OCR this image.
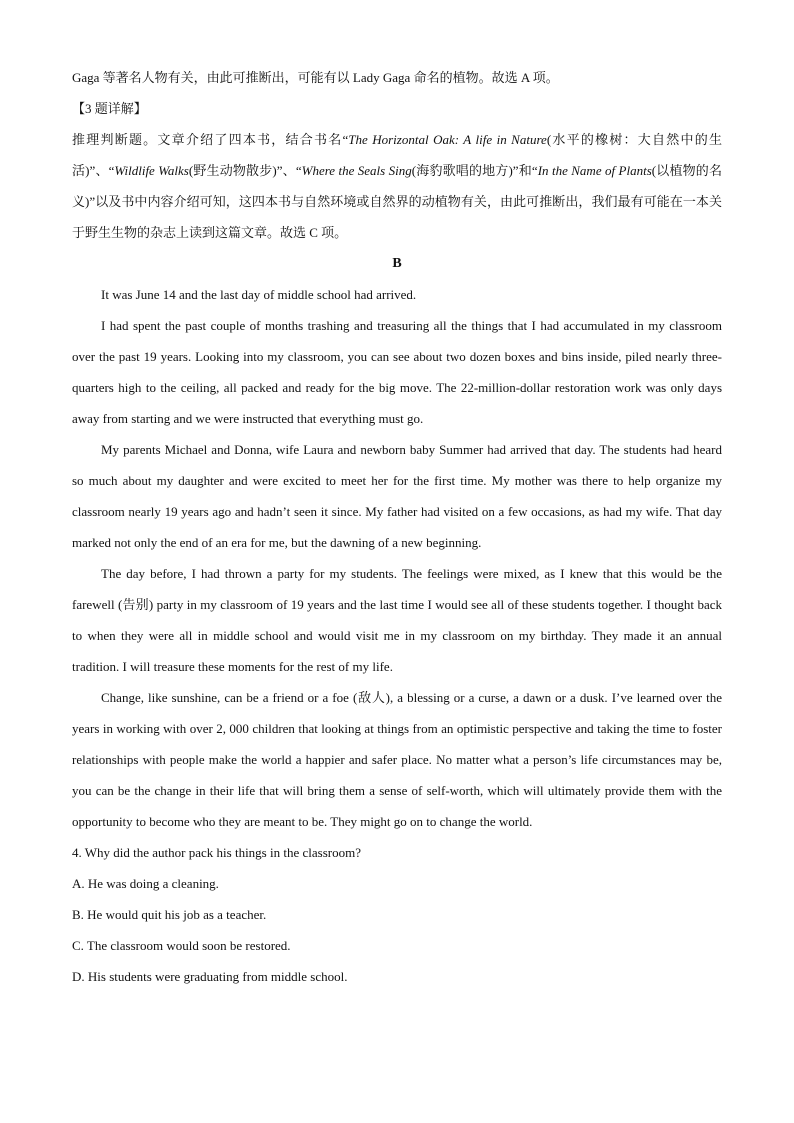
Gaga 等著名人物有关，由此可推断出，可能有以 Lady Gaga 命名的植物。故选 A 项。

【3 题详解】

推理判断题。文章介绍了四本书，结合书名“The Horizontal Oak: A life in Nature(水平的橡树：大自然中的生活)”、“Wildlife Walks(野生动物散步)”、“Where the Seals Sing(海豹歌唱的地方)”和“In the Name of Plants(以植物的名义)”以及书中内容介绍可知，这四本书与自然环境或自然界的动植物有关，由此可推断出，我们最有可能在一本关于野生生物的杂志上读到这篇文章。故选 C 项。

B

It was June 14 and the last day of middle school had arrived.

I had spent the past couple of months trashing and treasuring all the things that I had accumulated in my classroom over the past 19 years. Looking into my classroom, you can see about two dozen boxes and bins inside, piled nearly three-quarters high to the ceiling, all packed and ready for the big move. The 22-million-dollar restoration work was only days away from starting and we were instructed that everything must go.

My parents Michael and Donna, wife Laura and newborn baby Summer had arrived that day. The students had heard so much about my daughter and were excited to meet her for the first time. My mother was there to help organize my classroom nearly 19 years ago and hadn’t seen it since. My father had visited on a few occasions, as had my wife. That day marked not only the end of an era for me, but the dawning of a new beginning.

The day before, I had thrown a party for my students. The feelings were mixed, as I knew that this would be the farewell (告别) party in my classroom of 19 years and the last time I would see all of these students together. I thought back to when they were all in middle school and would visit me in my classroom on my birthday. They made it an annual tradition. I will treasure these moments for the rest of my life.

Change, like sunshine, can be a friend or a foe (敌人), a blessing or a curse, a dawn or a dusk. I’ve learned over the years in working with over 2, 000 children that looking at things from an optimistic perspective and taking the time to foster relationships with people make the world a happier and safer place. No matter what a person’s life circumstances may be, you can be the change in their life that will bring them a sense of self-worth, which will ultimately provide them with the opportunity to become who they are meant to be. They might go on to change the world.

4. Why did the author pack his things in the classroom?

A. He was doing a cleaning.

B. He would quit his job as a teacher.

C. The classroom would soon be restored.

D. His students were graduating from middle school.
